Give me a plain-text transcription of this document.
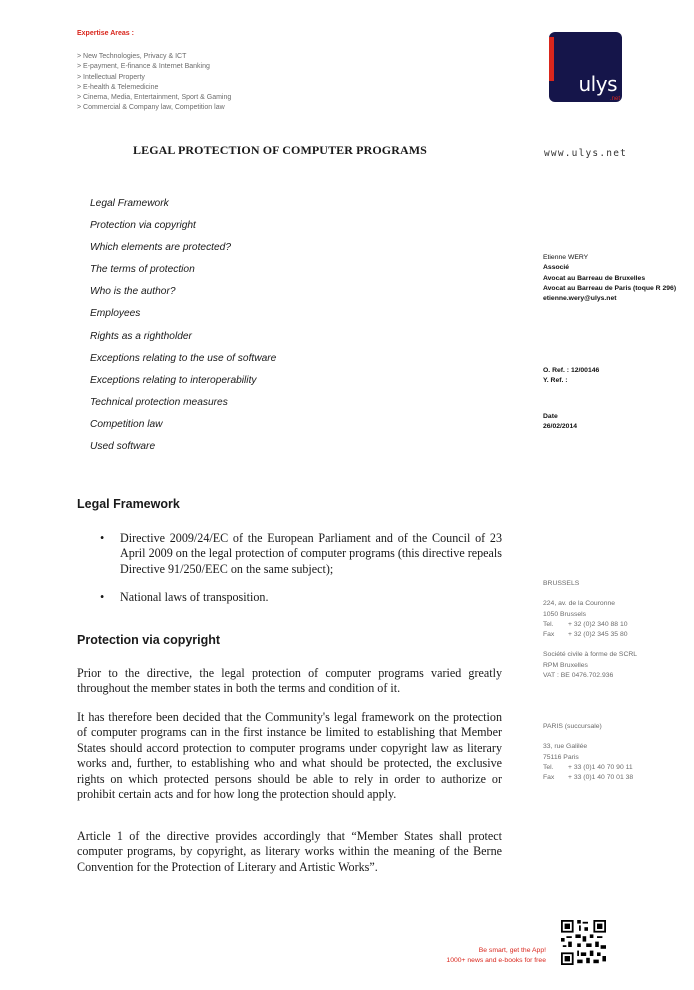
Expertise Areas :
> New Technologies, Privacy & ICT
> E-payment, E-finance & Internet Banking
> Intellectual Property
> E-health & Telemedicine
> Cinema, Media, Entertainment, Sport & Gaming
> Commercial & Company law, Competition law
ulys
.net
LEGAL PROTECTION OF COMPUTER PROGRAMS	www.ulys.net
Legal Framework
Protection via copyright
Which elements are protected?
The terms of protection
Who is the author?
Employees
Rights as a rightholder
Exceptions relating to the use of software
Exceptions relating to interoperability
Technical protection measures
Competition law
Used software
Etienne WERY
Associé
Avocat au Barreau de Bruxelles
Avocat au Barreau de Paris (toque R 296)
etienne.wery@ulys.net
O. Ref. : 12/00146
Y. Ref. :
Date
26/02/2014
BRUSSELS
224, av. de la Couronne
1050 Brussels
Tel.	+ 32 (0)2 340 88 10
Fax	+ 32 (0)2 345 35 80
Société civile à forme de SCRL
RPM Bruxelles
VAT : BE 0476.702.936
PARIS (succursale)
33, rue Galilée
75116 Paris
Tel.	+ 33 (0)1 40 70 90 11
Fax	+ 33 (0)1 40 70 01 38
Legal Framework
• Directive 2009/24/EC of the European Parliament and of the Council of 23 April 2009 on the legal protection of computer programs (this directive repeals Directive 91/250/EEC on the same subject);
• National laws of transposition.
Protection via copyright
Prior to the directive, the legal protection of computer programs varied greatly throughout the member states in both the terms and condition of it.
It has therefore been decided that the Community's legal framework on the protection of computer programs can in the first instance be limited to establishing that Member States should accord protection to computer programs under copyright law as literary works and, further, to establishing who and what should be protected, the exclusive rights on which protected persons should be able to rely in order to authorize or prohibit certain acts and for how long the protection should apply.
Article 1 of the directive provides accordingly that “Member States shall protect computer programs, by copyright, as literary works within the meaning of the Berne Convention for the Protection of Literary and Artistic Works”.
Be smart, get the App!
1000+ news and e-books for free
